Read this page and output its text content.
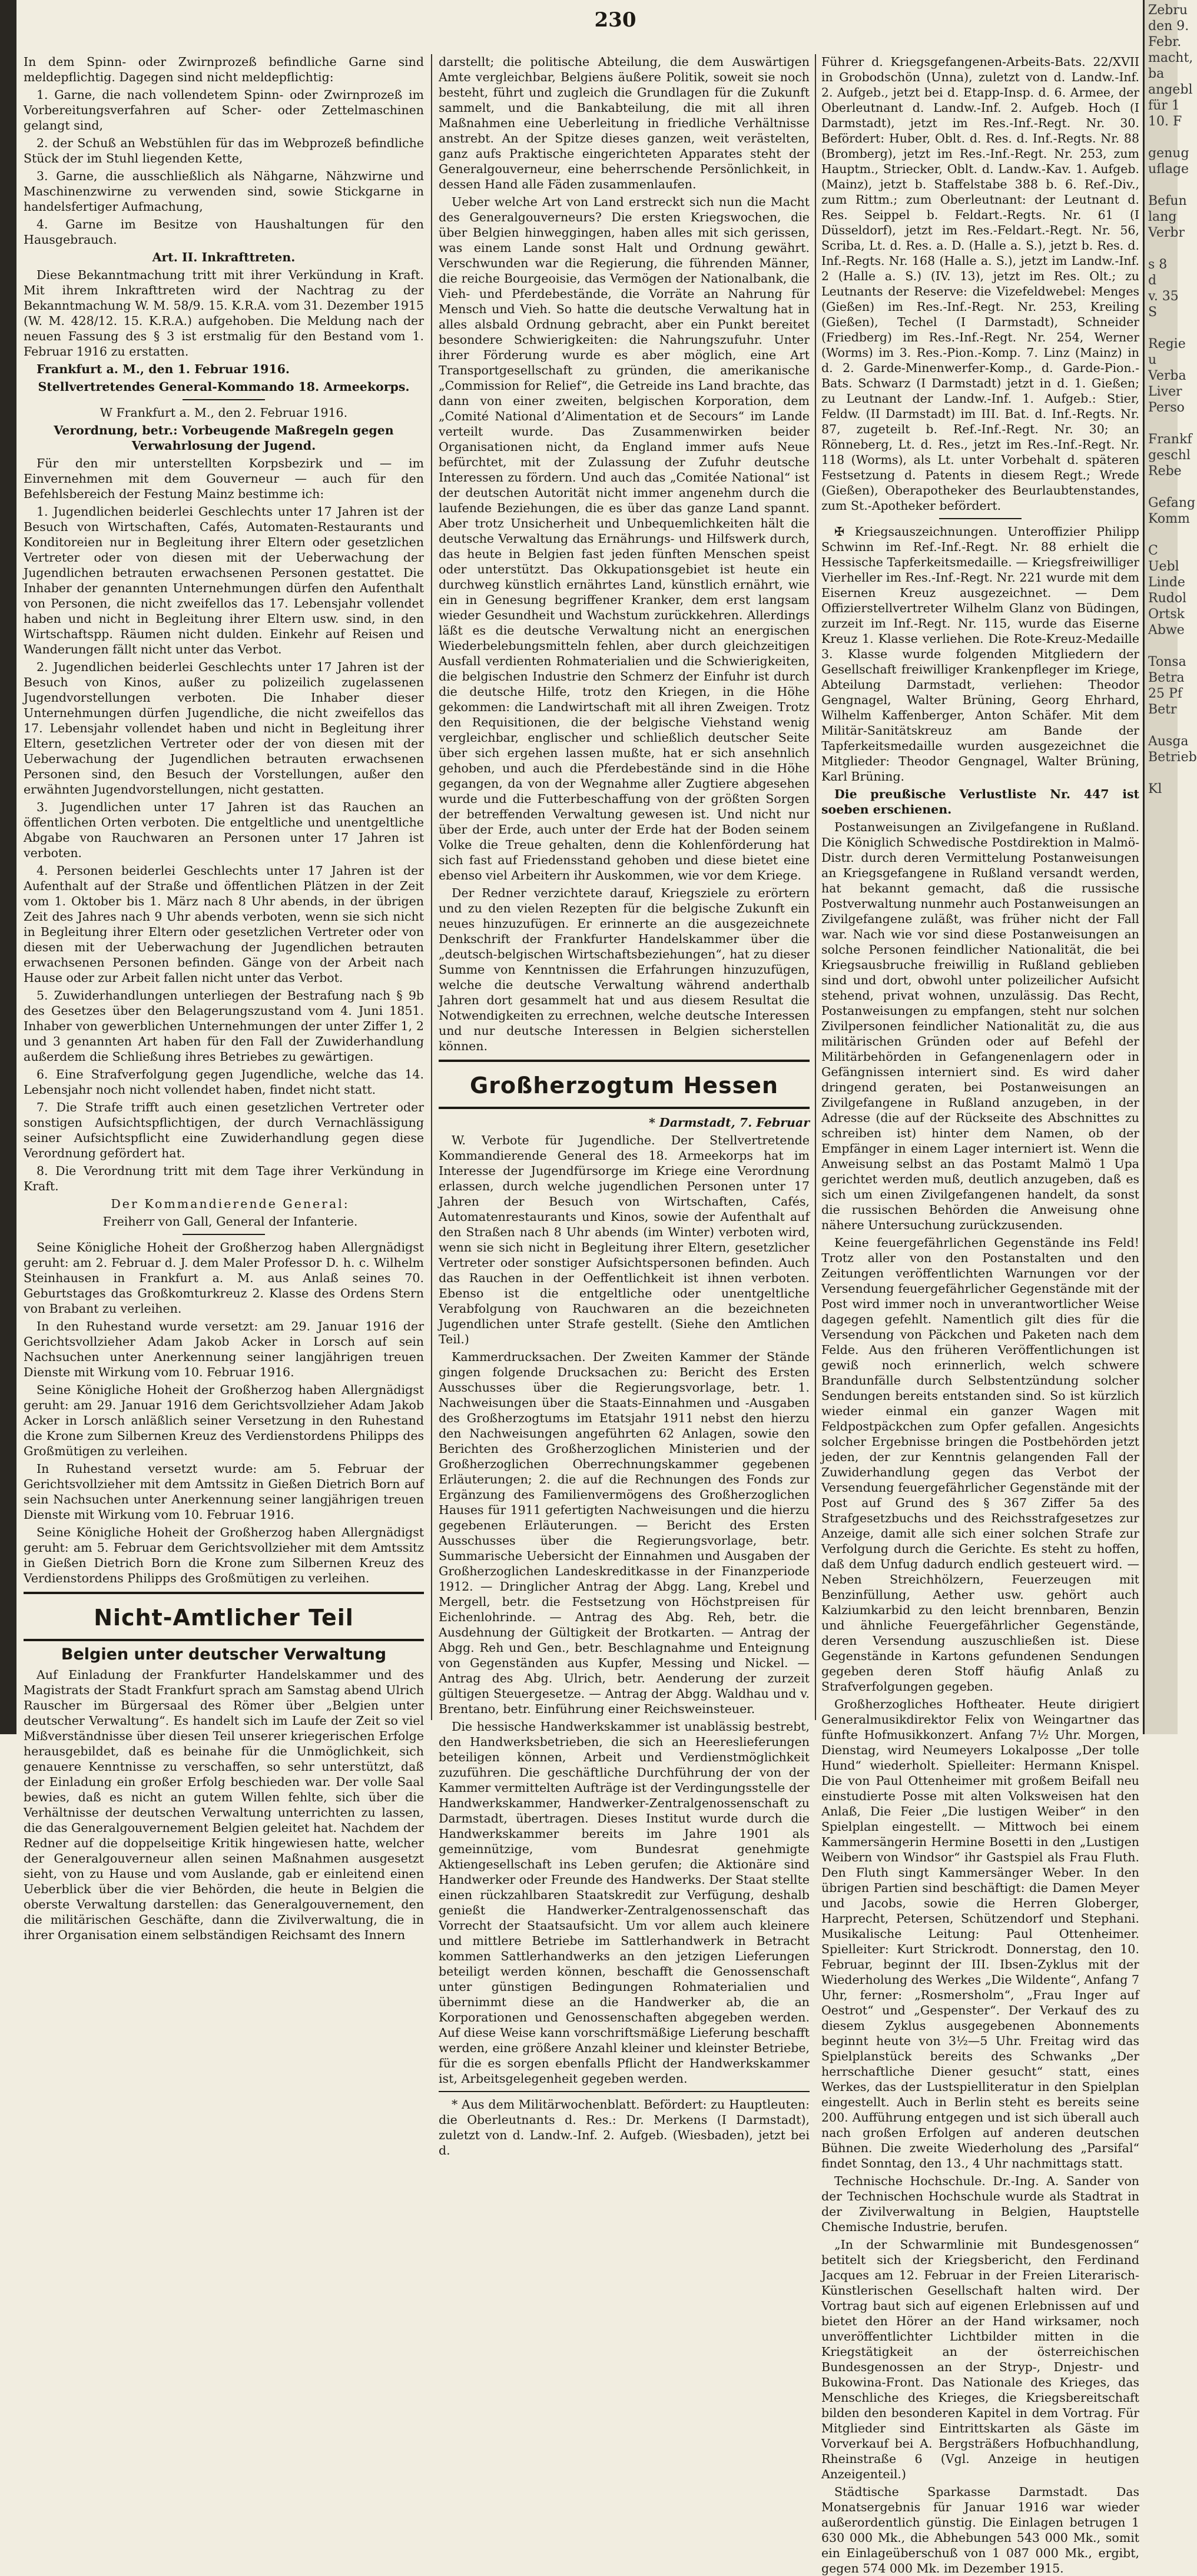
Zebru
den 9.
Febr.
macht,
ba
angebl
für 1
10. F

genug
uflage

Befun
lang
Verbr

s 8
d
v. 35
S

Regie
u
Verba
Liver
Perso

Frankf
geschl
Rebe

Gefang
Komm

C
Uebl
Linde
Rudol
Ortsk
Abwe

Tonsa
Betra
25 Pf
Betr

Ausga
Betrieb

Kl
230

In dem Spinn- oder Zwirnprozeß befindliche Garne sind meldepflichtig. Dagegen sind nicht meldepflichtig:

1. Garne, die nach vollendetem Spinn- oder Zwirnprozeß im Vorbereitungsverfahren auf Scher- oder Zettelmaschinen gelangt sind,

2. der Schuß an Webstühlen für das im Webprozeß befindliche Stück der im Stuhl liegenden Kette,

3. Garne, die ausschließlich als Nähgarne, Nähzwirne und Maschinenzwirne zu verwenden sind, sowie Stickgarne in handelsfertiger Aufmachung,

4. Garne im Besitze von Haushaltungen für den Hausgebrauch.

Art. II. Inkrafttreten.

Diese Bekanntmachung tritt mit ihrer Verkündung in Kraft. Mit ihrem Inkrafttreten wird der Nachtrag zu der Bekanntmachung W. M. 58/9. 15. K.R.A. vom 31. Dezember 1915 (W. M. 428/12. 15. K.R.A.) aufgehoben. Die Meldung nach der neuen Fassung des § 3 ist erstmalig für den Bestand vom 1. Februar 1916 zu erstatten.

Frankfurt a. M., den 1. Februar 1916.

Stellvertretendes General-Kommando 18. Armeekorps.

W Frankfurt a. M., den 2. Februar 1916.

Verordnung, betr.: Vorbeugende Maßregeln gegen Verwahrlosung der Jugend.

Für den mir unterstellten Korpsbezirk und — im Einvernehmen mit dem Gouverneur — auch für den Befehlsbereich der Festung Mainz bestimme ich:

1. Jugendlichen beiderlei Geschlechts unter 17 Jahren ist der Besuch von Wirtschaften, Cafés, Automaten-Restaurants und Konditoreien nur in Begleitung ihrer Eltern oder gesetzlichen Vertreter oder von diesen mit der Ueberwachung der Jugendlichen betrauten erwachsenen Personen gestattet. Die Inhaber der genannten Unternehmungen dürfen den Aufenthalt von Personen, die nicht zweifellos das 17. Lebensjahr vollendet haben und nicht in Begleitung ihrer Eltern usw. sind, in den Wirtschaftspp. Räumen nicht dulden. Einkehr auf Reisen und Wanderungen fällt nicht unter das Verbot.

2. Jugendlichen beiderlei Geschlechts unter 17 Jahren ist der Besuch von Kinos, außer zu polizeilich zugelassenen Jugendvorstellungen verboten. Die Inhaber dieser Unternehmungen dürfen Jugendliche, die nicht zweifellos das 17. Lebensjahr vollendet haben und nicht in Begleitung ihrer Eltern, gesetzlichen Vertreter oder der von diesen mit der Ueberwachung der Jugendlichen betrauten erwachsenen Personen sind, den Besuch der Vorstellungen, außer den erwähnten Jugendvorstellungen, nicht gestatten.

3. Jugendlichen unter 17 Jahren ist das Rauchen an öffentlichen Orten verboten. Die entgeltliche und unentgeltliche Abgabe von Rauchwaren an Personen unter 17 Jahren ist verboten.

4. Personen beiderlei Geschlechts unter 17 Jahren ist der Aufenthalt auf der Straße und öffentlichen Plätzen in der Zeit vom 1. Oktober bis 1. März nach 8 Uhr abends, in der übrigen Zeit des Jahres nach 9 Uhr abends verboten, wenn sie sich nicht in Begleitung ihrer Eltern oder gesetzlichen Vertreter oder von diesen mit der Ueberwachung der Jugendlichen betrauten erwachsenen Personen befinden. Gänge von der Arbeit nach Hause oder zur Arbeit fallen nicht unter das Verbot.

5. Zuwiderhandlungen unterliegen der Bestrafung nach § 9b des Gesetzes über den Belagerungszustand vom 4. Juni 1851. Inhaber von gewerblichen Unternehmungen der unter Ziffer 1, 2 und 3 genannten Art haben für den Fall der Zuwiderhandlung außerdem die Schließung ihres Betriebes zu gewärtigen.

6. Eine Strafverfolgung gegen Jugendliche, welche das 14. Lebensjahr noch nicht vollendet haben, findet nicht statt.

7. Die Strafe trifft auch einen gesetzlichen Vertreter oder sonstigen Aufsichtspflichtigen, der durch Vernachlässigung seiner Aufsichtspflicht eine Zuwiderhandlung gegen diese Verordnung gefördert hat.

8. Die Verordnung tritt mit dem Tage ihrer Verkündung in Kraft.

Der Kommandierende General:

Freiherr von Gall, General der Infanterie.

Seine Königliche Hoheit der Großherzog haben Allergnädigst geruht: am 2. Februar d. J. dem Maler Professor D. h. c. Wilhelm Steinhausen in Frankfurt a. M. aus Anlaß seines 70. Geburtstages das Großkomturkreuz 2. Klasse des Ordens Stern von Brabant zu verleihen.

In den Ruhestand wurde versetzt: am 29. Januar 1916 der Gerichtsvollzieher Adam Jakob Acker in Lorsch auf sein Nachsuchen unter Anerkennung seiner langjährigen treuen Dienste mit Wirkung vom 10. Februar 1916.

Seine Königliche Hoheit der Großherzog haben Allergnädigst geruht: am 29. Januar 1916 dem Gerichtsvollzieher Adam Jakob Acker in Lorsch anläßlich seiner Versetzung in den Ruhestand die Krone zum Silbernen Kreuz des Verdienstordens Philipps des Großmütigen zu verleihen.

In Ruhestand versetzt wurde: am 5. Februar der Gerichtsvollzieher mit dem Amtssitz in Gießen Dietrich Born auf sein Nachsuchen unter Anerkennung seiner langjährigen treuen Dienste mit Wirkung vom 10. Februar 1916.

Seine Königliche Hoheit der Großherzog haben Allergnädigst geruht: am 5. Februar dem Gerichtsvollzieher mit dem Amtssitz in Gießen Dietrich Born die Krone zum Silbernen Kreuz des Verdienstordens Philipps des Großmütigen zu verleihen.

Nicht-Amtlicher Teil
Belgien unter deutscher Verwaltung

Auf Einladung der Frankfurter Handelskammer und des Magistrats der Stadt Frankfurt sprach am Samstag abend Ulrich Rauscher im Bürgersaal des Römer über „Belgien unter deutscher Verwaltung“. Es handelt sich im Laufe der Zeit so viel Mißverständnisse über diesen Teil unserer kriegerischen Erfolge herausgebildet, daß es beinahe für die Unmöglichkeit, sich genauere Kenntnisse zu verschaffen, so sehr unterstützt, daß der Einladung ein großer Erfolg beschieden war. Der volle Saal bewies, daß es nicht an gutem Willen fehlte, sich über die Verhältnisse der deutschen Verwaltung unterrichten zu lassen, die das Generalgouvernement Belgien geleitet hat. Nachdem der Redner auf die doppelseitige Kritik hingewiesen hatte, welcher der Generalgouverneur allen seinen Maßnahmen ausgesetzt sieht, von zu Hause und vom Auslande, gab er einleitend einen Ueberblick über die vier Behörden, die heute in Belgien die oberste Verwaltung darstellen: das Generalgouvernement, den die militärischen Geschäfte, dann die Zivilverwaltung, die in ihrer Organisation einem selbständigen Reichsamt des Innern

darstellt; die politische Abteilung, die dem Auswärtigen Amte vergleichbar, Belgiens äußere Politik, soweit sie noch besteht, führt und zugleich die Grundlagen für die Zukunft sammelt, und die Bankabteilung, die mit all ihren Maßnahmen eine Ueberleitung in friedliche Verhältnisse anstrebt. An der Spitze dieses ganzen, weit verästelten, ganz aufs Praktische eingerichteten Apparates steht der Generalgouverneur, eine beherrschende Persönlichkeit, in dessen Hand alle Fäden zusammenlaufen.

Ueber welche Art von Land erstreckt sich nun die Macht des Generalgouverneurs? Die ersten Kriegswochen, die über Belgien hinweggingen, haben alles mit sich gerissen, was einem Lande sonst Halt und Ordnung gewährt. Verschwunden war die Regierung, die führenden Männer, die reiche Bourgeoisie, das Vermögen der Nationalbank, die Vieh- und Pferdebestände, die Vorräte an Nahrung für Mensch und Vieh. So hatte die deutsche Verwaltung hat in alles alsbald Ordnung gebracht, aber ein Punkt bereitet besondere Schwierigkeiten: die Nahrungszufuhr. Unter ihrer Förderung wurde es aber möglich, eine Art Transportgesellschaft zu gründen, die amerikanische „Commission for Relief“, die Getreide ins Land brachte, das dann von einer zweiten, belgischen Korporation, dem „Comité National d’Alimentation et de Secours“ im Lande verteilt wurde. Das Zusammenwirken beider Organisationen nicht, da England immer aufs Neue befürchtet, mit der Zulassung der Zufuhr deutsche Interessen zu fördern. Und auch das „Comitée National“ ist der deutschen Autorität nicht immer angenehm durch die laufende Beziehungen, die es über das ganze Land spannt. Aber trotz Unsicherheit und Unbequemlichkeiten hält die deutsche Verwaltung das Ernährungs- und Hilfswerk durch, das heute in Belgien fast jeden fünften Menschen speist oder unterstützt. Das Okkupationsgebiet ist heute ein durchweg künstlich ernährtes Land, künstlich ernährt, wie ein in Genesung begriffener Kranker, dem erst langsam wieder Gesundheit und Wachstum zurückkehren. Allerdings läßt es die deutsche Verwaltung nicht an energischen Wiederbelebungsmitteln fehlen, aber durch gleichzeitigen Ausfall verdienten Rohmaterialien und die Schwierigkeiten, die belgischen Industrie den Schmerz der Einfuhr ist durch die deutsche Hilfe, trotz den Kriegen, in die Höhe gekommen: die Landwirtschaft mit all ihren Zweigen. Trotz den Requisitionen, die der belgische Viehstand wenig vergleichbar, englischer und schließlich deutscher Seite über sich ergehen lassen mußte, hat er sich ansehnlich gehoben, und auch die Pferdebestände sind in die Höhe gegangen, da von der Wegnahme aller Zugtiere abgesehen wurde und die Futterbeschaffung von der größten Sorgen der betreffenden Verwaltung gewesen ist. Und nicht nur über der Erde, auch unter der Erde hat der Boden seinem Volke die Treue gehalten, denn die Kohlenförderung hat sich fast auf Friedensstand gehoben und diese bietet eine ebenso viel Arbeitern ihr Auskommen, wie vor dem Kriege.

Der Redner verzichtete darauf, Kriegsziele zu erörtern und zu den vielen Rezepten für die belgische Zukunft ein neues hinzuzufügen. Er erinnerte an die ausgezeichnete Denkschrift der Frankfurter Handelskammer über die „deutsch-belgischen Wirtschaftsbeziehungen“, hat zu dieser Summe von Kenntnissen die Erfahrungen hinzuzufügen, welche die deutsche Verwaltung während anderthalb Jahren dort gesammelt hat und aus diesem Resultat die Notwendigkeiten zu errechnen, welche deutsche Interessen und nur deutsche Interessen in Belgien sicherstellen können.

Großherzogtum Hessen

* Darmstadt, 7. Februar

W. Verbote für Jugendliche. Der Stellvertretende Kommandierende General des 18. Armeekorps hat im Interesse der Jugendfürsorge im Kriege eine Verordnung erlassen, durch welche jugendlichen Personen unter 17 Jahren der Besuch von Wirtschaften, Cafés, Automatenrestaurants und Kinos, sowie der Aufenthalt auf den Straßen nach 8 Uhr abends (im Winter) verboten wird, wenn sie sich nicht in Begleitung ihrer Eltern, gesetzlicher Vertreter oder sonstiger Aufsichtspersonen befinden. Auch das Rauchen in der Oeffentlichkeit ist ihnen verboten. Ebenso ist die entgeltliche oder unentgeltliche Verabfolgung von Rauchwaren an die bezeichneten Jugendlichen unter Strafe gestellt. (Siehe den Amtlichen Teil.)

Kammerdrucksachen. Der Zweiten Kammer der Stände gingen folgende Drucksachen zu: Bericht des Ersten Ausschusses über die Regierungsvorlage, betr. 1. Nachweisungen über die Staats-Einnahmen und -Ausgaben des Großherzogtums im Etatsjahr 1911 nebst den hierzu den Nachweisungen angeführten 62 Anlagen, sowie den Berichten des Großherzoglichen Ministerien und der Großherzoglichen Oberrechnungskammer gegebenen Erläuterungen; 2. die auf die Rechnungen des Fonds zur Ergänzung des Familienvermögens des Großherzoglichen Hauses für 1911 gefertigten Nachweisungen und die hierzu gegebenen Erläuterungen. — Bericht des Ersten Ausschusses über die Regierungsvorlage, betr. Summarische Uebersicht der Einnahmen und Ausgaben der Großherzoglichen Landeskreditkasse in der Finanzperiode 1912. — Dringlicher Antrag der Abgg. Lang, Krebel und Mergell, betr. die Festsetzung von Höchstpreisen für Eichenlohrinde. — Antrag des Abg. Reh, betr. die Ausdehnung der Gültigkeit der Brotkarten. — Antrag der Abgg. Reh und Gen., betr. Beschlagnahme und Enteignung von Gegenständen aus Kupfer, Messing und Nickel. — Antrag des Abg. Ulrich, betr. Aenderung der zurzeit gültigen Steuergesetze. — Antrag der Abgg. Waldhau und v. Brentano, betr. Einführung einer Reichsweinsteuer.

Die hessische Handwerkskammer ist unablässig bestrebt, den Handwerksbetrieben, die sich an Heereslieferungen beteiligen können, Arbeit und Verdienstmöglichkeit zuzuführen. Die geschäftliche Durchführung der von der Kammer vermittelten Aufträge ist der Verdingungsstelle der Handwerkskammer, Handwerker-Zentralgenossenschaft zu Darmstadt, übertragen. Dieses Institut wurde durch die Handwerkskammer bereits im Jahre 1901 als gemeinnützige, vom Bundesrat genehmigte Aktiengesellschaft ins Leben gerufen; die Aktionäre sind Handwerker oder Freunde des Handwerks. Der Staat stellte einen rückzahlbaren Staatskredit zur Verfügung, deshalb genießt die Handwerker-Zentralgenossenschaft das Vorrecht der Staatsaufsicht. Um vor allem auch kleinere und mittlere Betriebe im Sattlerhandwerk in Betracht kommen Sattlerhandwerks an den jetzigen Lieferungen beteiligt werden können, beschafft die Genossenschaft unter günstigen Bedingungen Rohmaterialien und übernimmt diese an die Handwerker ab, die an Korporationen und Genossenschaften abgegeben werden. Auf diese Weise kann vorschriftsmäßige Lieferung beschafft werden, eine größere Anzahl kleiner und kleinster Betriebe, für die es sorgen ebenfalls Pflicht der Handwerkskammer ist, Arbeitsgelegenheit gegeben werden.

* Aus dem Militärwochenblatt. Befördert: zu Hauptleuten: die Oberleutnants d. Res.: Dr. Merkens (I Darmstadt), zuletzt von d. Landw.-Inf. 2. Aufgeb. (Wiesbaden), jetzt bei d.

Führer d. Kriegsgefangenen-Arbeits-Bats. 22/XVII in Grobodschön (Unna), zuletzt von d. Landw.-Inf. 2. Aufgeb., jetzt bei d. Etapp-Insp. d. 6. Armee, der Oberleutnant d. Landw.-Inf. 2. Aufgeb. Hoch (I Darmstadt), jetzt im Res.-Inf.-Regt. Nr. 30. Befördert: Huber, Oblt. d. Res. d. Inf.-Regts. Nr. 88 (Bromberg), jetzt im Res.-Inf.-Regt. Nr. 253, zum Hauptm., Striecker, Oblt. d. Landw.-Kav. 1. Aufgeb. (Mainz), jetzt b. Staffelstabe 388 b. 6. Ref.-Div., zum Rittm.; zum Oberleutnant: der Leutnant d. Res. Seippel b. Feldart.-Regts. Nr. 61 (I Düsseldorf), jetzt im Res.-Feldart.-Regt. Nr. 56, Scriba, Lt. d. Res. a. D. (Halle a. S.), jetzt b. Res. d. Inf.-Regts. Nr. 168 (Halle a. S.), jetzt im Landw.-Inf. 2 (Halle a. S.) (IV. 13), jetzt im Res. Olt.; zu Leutnants der Reserve: die Vizefeldwebel: Menges (Gießen) im Res.-Inf.-Regt. Nr. 253, Kreiling (Gießen), Techel (I Darmstadt), Schneider (Friedberg) im Res.-Inf.-Regt. Nr. 254, Werner (Worms) im 3. Res.-Pion.-Komp. 7. Linz (Mainz) in d. 2. Garde-Minenwerfer-Komp., d. Garde-Pion.-Bats. Schwarz (I Darmstadt) jetzt in d. 1. Gießen; zu Leutnant der Landw.-Inf. 1. Aufgeb.: Stier, Feldw. (II Darmstadt) im III. Bat. d. Inf.-Regts. Nr. 87, zugeteilt b. Ref.-Inf.-Regt. Nr. 30; an Rönneberg, Lt. d. Res., jetzt im Res.-Inf.-Regt. Nr. 118 (Worms), als Lt. unter Vorbehalt d. späteren Festsetzung d. Patents in diesem Regt.; Wrede (Gießen), Oberapotheker des Beurlaubtenstandes, zum St.-Apotheker befördert.

✠ Kriegsauszeichnungen. Unteroffizier Philipp Schwinn im Ref.-Inf.-Regt. Nr. 88 erhielt die Hessische Tapferkeitsmedaille. — Kriegsfreiwilliger Vierheller im Res.-Inf.-Regt. Nr. 221 wurde mit dem Eisernen Kreuz ausgezeichnet. — Dem Offizierstellvertreter Wilhelm Glanz von Büdingen, zurzeit im Inf.-Regt. Nr. 115, wurde das Eiserne Kreuz 1. Klasse verliehen. Die Rote-Kreuz-Medaille 3. Klasse wurde folgenden Mitgliedern der Gesellschaft freiwilliger Krankenpfleger im Kriege, Abteilung Darmstadt, verliehen: Theodor Gengnagel, Walter Brüning, Georg Ehrhard, Wilhelm Kaffenberger, Anton Schäfer. Mit dem Militär-Sanitätskreuz am Bande der Tapferkeitsmedaille wurden ausgezeichnet die Mitglieder: Theodor Gengnagel, Walter Brüning, Karl Brüning.

Die preußische Verlustliste Nr. 447 ist soeben erschienen.

Postanweisungen an Zivilgefangene in Rußland. Die Königlich Schwedische Postdirektion in Malmö-Distr. durch deren Vermittelung Postanweisungen an Kriegsgefangene in Rußland versandt werden, hat bekannt gemacht, daß die russische Postverwaltung nunmehr auch Postanweisungen an Zivilgefangene zuläßt, was früher nicht der Fall war. Nach wie vor sind diese Postanweisungen an solche Personen feindlicher Nationalität, die bei Kriegsausbruche freiwillig in Rußland geblieben sind und dort, obwohl unter polizeilicher Aufsicht stehend, privat wohnen, unzulässig. Das Recht, Postanweisungen zu empfangen, steht nur solchen Zivilpersonen feindlicher Nationalität zu, die aus militärischen Gründen oder auf Befehl der Militärbehörden in Gefangenenlagern oder in Gefängnissen interniert sind. Es wird daher dringend geraten, bei Postanweisungen an Zivilgefangene in Rußland anzugeben, in der Adresse (die auf der Rückseite des Abschnittes zu schreiben ist) hinter dem Namen, ob der Empfänger in einem Lager interniert ist. Wenn die Anweisung selbst an das Postamt Malmö 1 Upa gerichtet werden muß, deutlich anzugeben, daß es sich um einen Zivilgefangenen handelt, da sonst die russischen Behörden die Anweisung ohne nähere Untersuchung zurückzusenden.

Keine feuergefährlichen Gegenstände ins Feld! Trotz aller von den Postanstalten und den Zeitungen veröffentlichten Warnungen vor der Versendung feuergefährlicher Gegenstände mit der Post wird immer noch in unverantwortlicher Weise dagegen gefehlt. Namentlich gilt dies für die Versendung von Päckchen und Paketen nach dem Felde. Aus den früheren Veröffentlichungen ist gewiß noch erinnerlich, welch schwere Brandunfälle durch Selbstentzündung solcher Sendungen bereits entstanden sind. So ist kürzlich wieder einmal ein ganzer Wagen mit Feldpostpäckchen zum Opfer gefallen. Angesichts solcher Ergebnisse bringen die Postbehörden jetzt jeden, der zur Kenntnis gelangenden Fall der Zuwiderhandlung gegen das Verbot der Versendung feuergefährlicher Gegenstände mit der Post auf Grund des § 367 Ziffer 5a des Strafgesetzbuchs und des Reichsstrafgesetzes zur Anzeige, damit alle sich einer solchen Strafe zur Verfolgung durch die Gerichte. Es steht zu hoffen, daß dem Unfug dadurch endlich gesteuert wird. — Neben Streichhölzern, Feuerzeugen mit Benzinfüllung, Aether usw. gehört auch Kalziumkarbid zu den leicht brennbaren, Benzin und ähnliche Feuergefährlicher Gegenstände, deren Versendung auszuschließen ist. Diese Gegenstände in Kartons gefundenen Sendungen gegeben deren Stoff häufig Anlaß zu Strafverfolgungen gegeben.

Großherzogliches Hoftheater. Heute dirigiert Generalmusikdirektor Felix von Weingartner das fünfte Hofmusikkonzert. Anfang 7½ Uhr. Morgen, Dienstag, wird Neumeyers Lokalposse „Der tolle Hund“ wiederholt. Spielleiter: Hermann Knispel. Die von Paul Ottenheimer mit großem Beifall neu einstudierte Posse mit alten Volksweisen hat den Anlaß, Die Feier „Die lustigen Weiber“ in den Spielplan eingestellt. — Mittwoch bei einem Kammersängerin Hermine Bosetti in den „Lustigen Weibern von Windsor“ ihr Gastspiel als Frau Fluth. Den Fluth singt Kammersänger Weber. In den übrigen Partien sind beschäftigt: die Damen Meyer und Jacobs, sowie die Herren Globerger, Harprecht, Petersen, Schützendorf und Stephani. Musikalische Leitung: Paul Ottenheimer. Spielleiter: Kurt Strickrodt. Donnerstag, den 10. Februar, beginnt der III. Ibsen-Zyklus mit der Wiederholung des Werkes „Die Wildente“, Anfang 7 Uhr, ferner: „Rosmersholm“, „Frau Inger auf Oestrot“ und „Gespenster“. Der Verkauf des zu diesem Zyklus ausgegebenen Abonnements beginnt heute von 3½—5 Uhr. Freitag wird das Spielplanstück bereits des Schwanks „Der herrschaftliche Diener gesucht“ statt, eines Werkes, das der Lustspielliteratur in den Spielplan eingestellt. Auch in Berlin steht es bereits seine 200. Aufführung entgegen und ist sich überall auch nach großen Erfolgen auf anderen deutschen Bühnen. Die zweite Wiederholung des „Parsifal“ findet Sonntag, den 13., 4 Uhr nachmittags statt.

Technische Hochschule. Dr.-Ing. A. Sander von der Technischen Hochschule wurde als Stadtrat in der Zivilverwaltung in Belgien, Hauptstelle Chemische Industrie, berufen.

„In der Schwarmlinie mit Bundesgenossen“ betitelt sich der Kriegsbericht, den Ferdinand Jacques am 12. Februar in der Freien Literarisch-Künstlerischen Gesellschaft halten wird. Der Vortrag baut sich auf eigenen Erlebnissen auf und bietet den Hörer an der Hand wirksamer, noch unveröffentlichter Lichtbilder mitten in die Kriegstätigkeit an der österreichischen Bundesgenossen an der Stryp-, Dnjestr- und Bukowina-Front. Das Nationale des Krieges, das Menschliche des Krieges, die Kriegsbereitschaft bilden den besonderen Kapitel in dem Vortrag. Für Mitglieder sind Eintrittskarten als Gäste im Vorverkauf bei A. Bergsträßers Hofbuchhandlung, Rheinstraße 6 (Vgl. Anzeige in heutigen Anzeigenteil.)

Städtische Sparkasse Darmstadt. Das Monatsergebnis für Januar 1916 war wieder außerordentlich günstig. Die Einlagen betrugen 1 630 000 Mk., die Abhebungen 543 000 Mk., somit ein Einlageüberschuß von 1 087 000 Mk., ergibt, gegen 574 000 Mk. im Dezember 1915.
